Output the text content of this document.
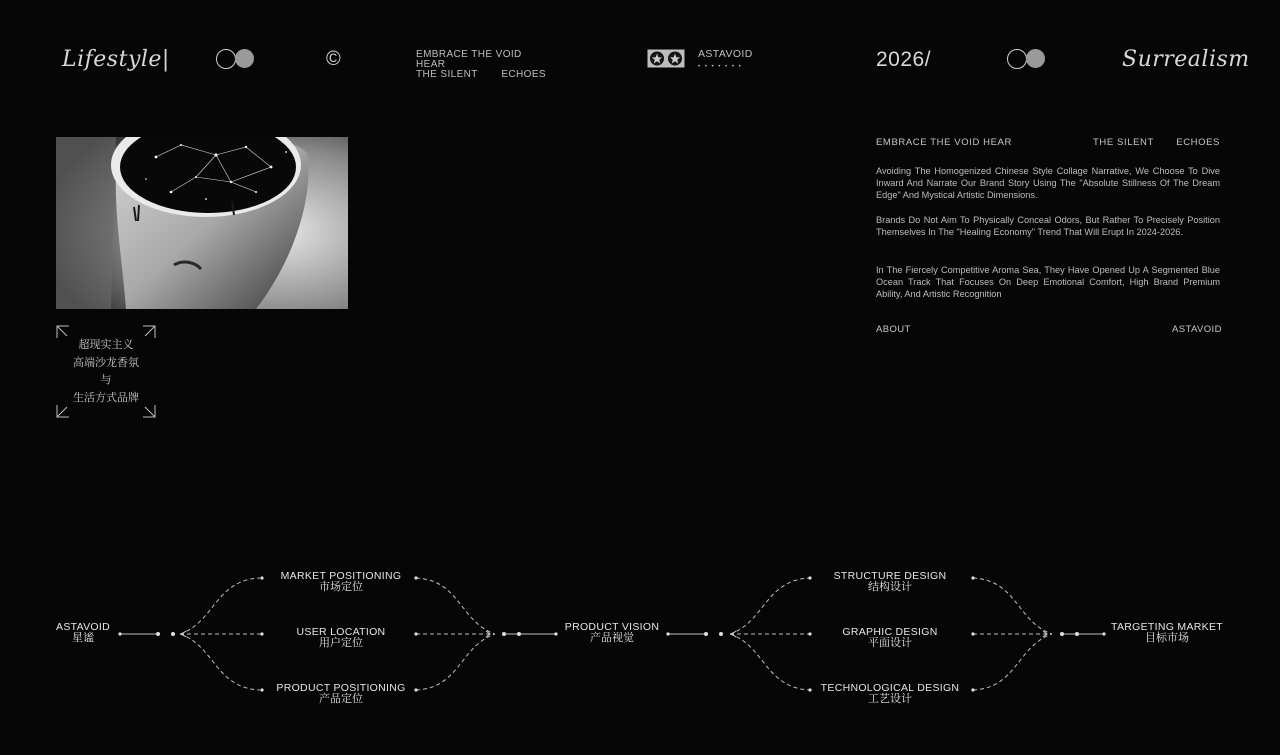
Lifestyle|	©	EMBRACE THE VOID HEAR
THE SILENT ECHOES
ASTAVOID
• • • • • • •	2026/	Surrealism
超现实主义
高端沙龙香氛
与
生活方式品牌
EMBRACE THE VOID HEAR	THE SILENT ECHOES
Avoiding The Homogenized Chinese Style Collage Narrative, We Choose To Dive Inward And Narrate Our Brand Story Using The "Absolute Stillness Of The Dream Edge" And Mystical Artistic Dimensions.
Brands Do Not Aim To Physically Conceal Odors, But Rather To Precisely Position Themselves In The "Healing Economy" Trend That Will Erupt In 2024-2026.
In The Fiercely Competitive Aroma Sea, They Have Opened Up A Segmented Blue Ocean Track That Focuses On Deep Emotional Comfort, High Brand Premium Ability, And Artistic Recognition
ABOUT	ASTAVOID
ASTAVOID
星谧
MARKET POSITIONING
市场定位
USER LOCATION
用户定位
PRODUCT POSITIONING
产品定位
PRODUCT VISION
产品视觉
STRUCTURE DESIGN
结构设计
GRAPHIC DESIGN
平面设计
TECHNOLOGICAL DESIGN
工艺设计
TARGETING MARKET
目标市场
